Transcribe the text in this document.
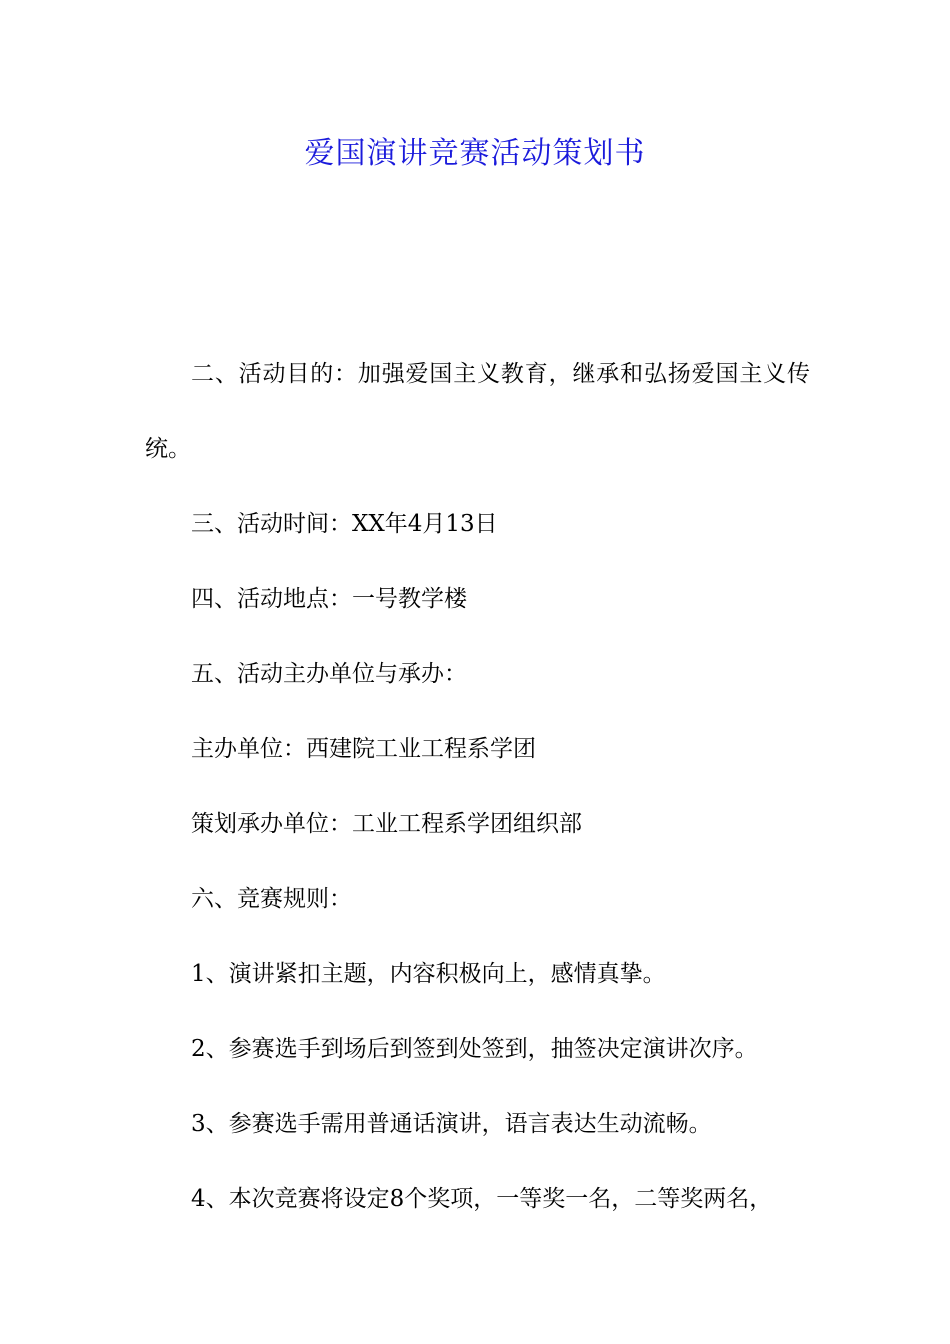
爱国演讲竞赛活动策划书

二、活动目的：加强爱国主义教育，继承和弘扬爱国主义传统。

三、活动时间：XX年4月13日

四、活动地点：一号教学楼

五、活动主办单位与承办：

主办单位：西建院工业工程系学团

策划承办单位：工业工程系学团组织部

六、竞赛规则：

1、演讲紧扣主题，内容积极向上，感情真挚。

2、参赛选手到场后到签到处签到，抽签决定演讲次序。

3、参赛选手需用普通话演讲，语言表达生动流畅。

4、本次竞赛将设定8个奖项，一等奖一名，二等奖两名，
